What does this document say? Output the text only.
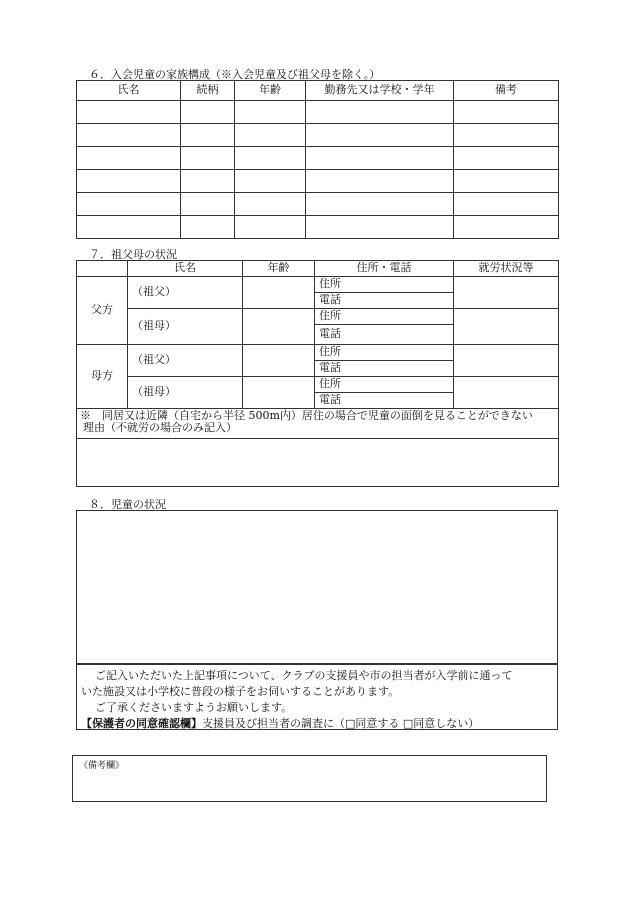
６．入会児童の家族構成（※入会児童及び祖父母を除く。）
氏名	続柄	年齢	勤務先又は学校・学年	備考

７．祖父母の状況
	氏名	年齢	住所・電話	就労状況等
父方	（祖父）		住所	
			電話	
	（祖母）		住所	
			電話	
母方	（祖父）		住所	
			電話	
	（祖母）		住所	
			電話	

※　同居又は近隣（自宅から半径 500m内）居住の場合で児童の面倒を見ることができない
理由（不就労の場合のみ記入）				

８．児童の状況
ご記入いただいた上記事項について、クラブの支援員や市の担当者が入学前に通って
いた施設又は小学校に普段の様子をお伺いすることがあります。
ご了承くださいますようお願いします。
【保護者の同意確認欄】支援員及び担当者の調査に（□同意する □同意しない）
《備考欄》
